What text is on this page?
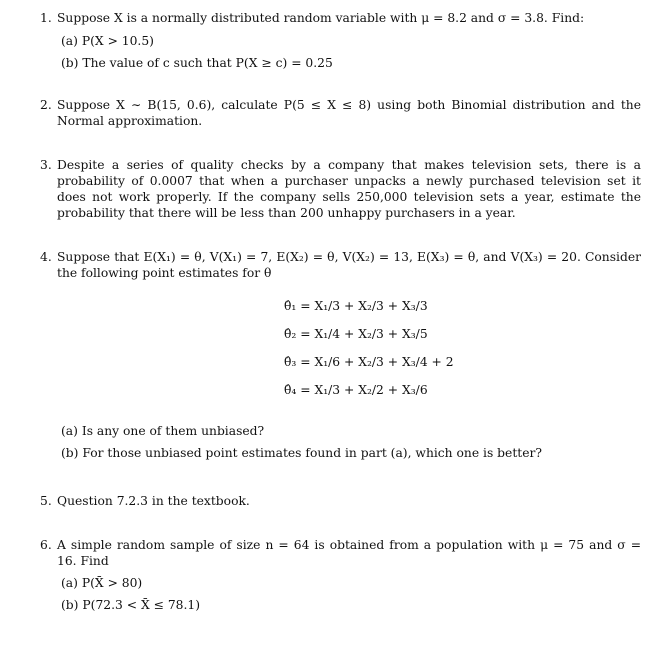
1. Suppose X is a normally distributed random variable with μ = 8.2 and σ = 3.8. Find:
(a) P(X > 10.5)
(b) The value of c such that P(X ≥ c) = 0.25
2. Suppose X ∼ B(15, 0.6), calculate P(5 ≤ X ≤ 8) using both Binomial distribution and the Normal approximation.
3. Despite a series of quality checks by a company that makes television sets, there is a probability of 0.0007 that when a purchaser unpacks a newly purchased television set it does not work properly. If the company sells 250,000 television sets a year, estimate the probability that there will be less than 200 unhappy purchasers in a year.
4. Suppose that E(X₁) = θ, V(X₁) = 7, E(X₂) = θ, V(X₂) = 13, E(X₃) = θ, and V(X₃) = 20. Consider the following point estimates for θ
θ̂₁ = X₁/3 + X₂/3 + X₃/3
θ̂₂ = X₁/4 + X₂/3 + X₃/5
θ̂₃ = X₁/6 + X₂/3 + X₃/4 + 2
θ̂₄ = X₁/3 + X₂/2 + X₃/6
(a) Is any one of them unbiased?
(b) For those unbiased point estimates found in part (a), which one is better?
5. Question 7.2.3 in the textbook.
6. A simple random sample of size n = 64 is obtained from a population with μ = 75 and σ = 16. Find
(a) P(X̄ > 80)
(b) P(72.3 < X̄ ≤ 78.1)
